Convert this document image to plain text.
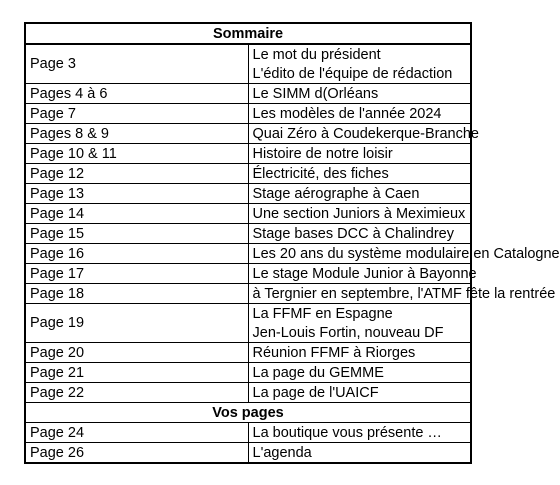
Sommaire	
Page 3	Le mot du président
	L'édito de l'équipe de rédaction
Pages 4 à 6	Le SIMM d(Orléans
Page 7	Les modèles de l'année 2024
Pages 8 & 9	Quai Zéro à Coudekerque-Branche
Page 10 & 11	Histoire de notre loisir
Page 12	Électricité, des fiches
Page 13	Stage aérographe à Caen
Page 14	Une section Juniors à Meximieux
Page 15	Stage bases DCC à Chalindrey
Page 16	Les 20 ans du système modulaire en Catalogne
Page 17	Le stage Module Junior à Bayonne
Page 18	à Tergnier en septembre, l'ATMF fête la rentrée
Page 19	La FFMF en Espagne
	Jen-Louis Fortin, nouveau DF
Page 20	Réunion FFMF à Riorges
Page 21	La page du GEMME
Page 22	La page de l'UAICF
Vos pages	
Page 24	La boutique vous présente …
Page 26	L'agenda
